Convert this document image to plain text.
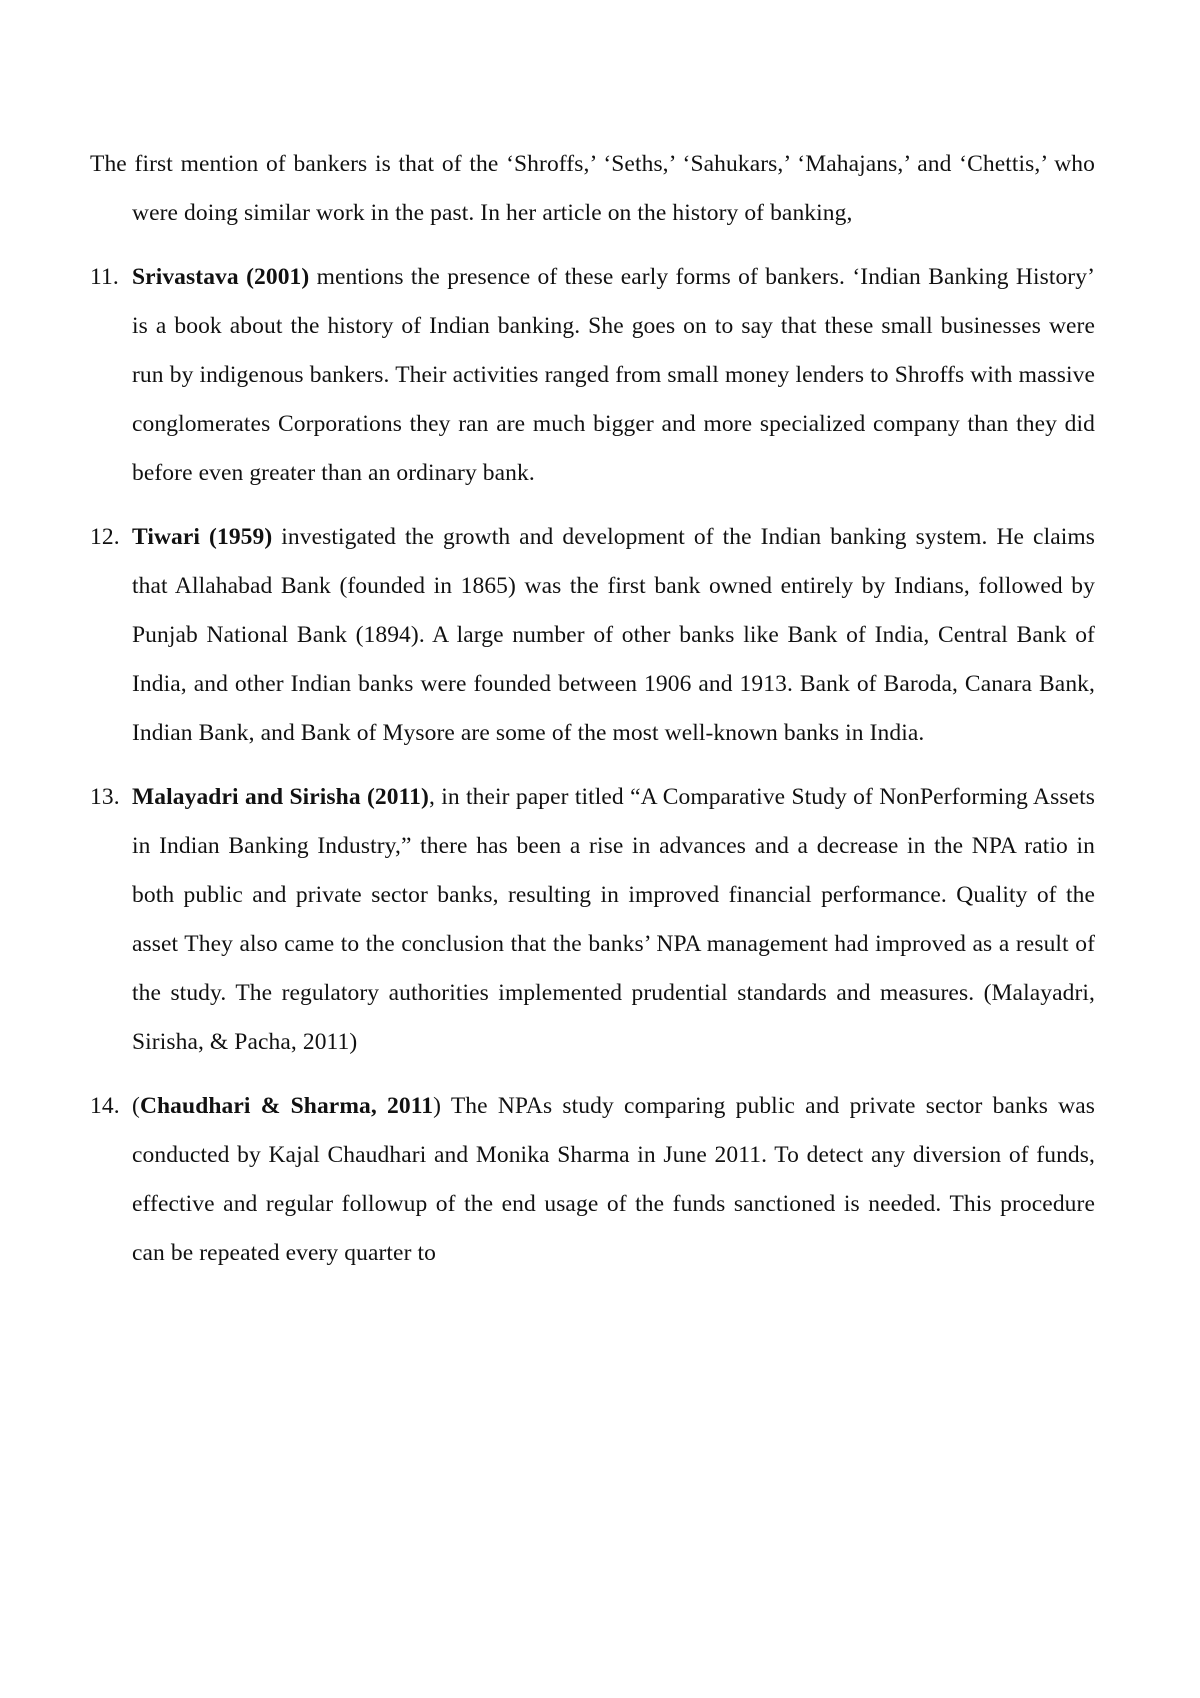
The first mention of bankers is that of the ‘Shroffs,’ ‘Seths,’ ‘Sahukars,’ ‘Mahajans,’ and ‘Chettis,’ who were doing similar work in the past. In her article on the history of banking,

11. Srivastava (2001) mentions the presence of these early forms of bankers. ‘Indian Banking History’ is a book about the history of Indian banking. She goes on to say that these small businesses were run by indigenous bankers. Their activities ranged from small money lenders to Shroffs with massive conglomerates Corporations they ran are much bigger and more specialized company than they did before even greater than an ordinary bank.
12. Tiwari (1959) investigated the growth and development of the Indian banking system. He claims that Allahabad Bank (founded in 1865) was the first bank owned entirely by Indians, followed by Punjab National Bank (1894). A large number of other banks like Bank of India, Central Bank of India, and other Indian banks were founded between 1906 and 1913. Bank of Baroda, Canara Bank, Indian Bank, and Bank of Mysore are some of the most well-known banks in India.
13. Malayadri and Sirisha (2011), in their paper titled “A Comparative Study of NonPerforming Assets in Indian Banking Industry,” there has been a rise in advances and a decrease in the NPA ratio in both public and private sector banks, resulting in improved financial performance. Quality of the asset They also came to the conclusion that the banks’ NPA management had improved as a result of the study. The regulatory authorities implemented prudential standards and measures. (Malayadri, Sirisha, & Pacha, 2011)
14. (Chaudhari & Sharma, 2011) The NPAs study comparing public and private sector banks was conducted by Kajal Chaudhari and Monika Sharma in June 2011. To detect any diversion of funds, effective and regular followup of the end usage of the funds sanctioned is needed. This procedure can be repeated every quarter to
